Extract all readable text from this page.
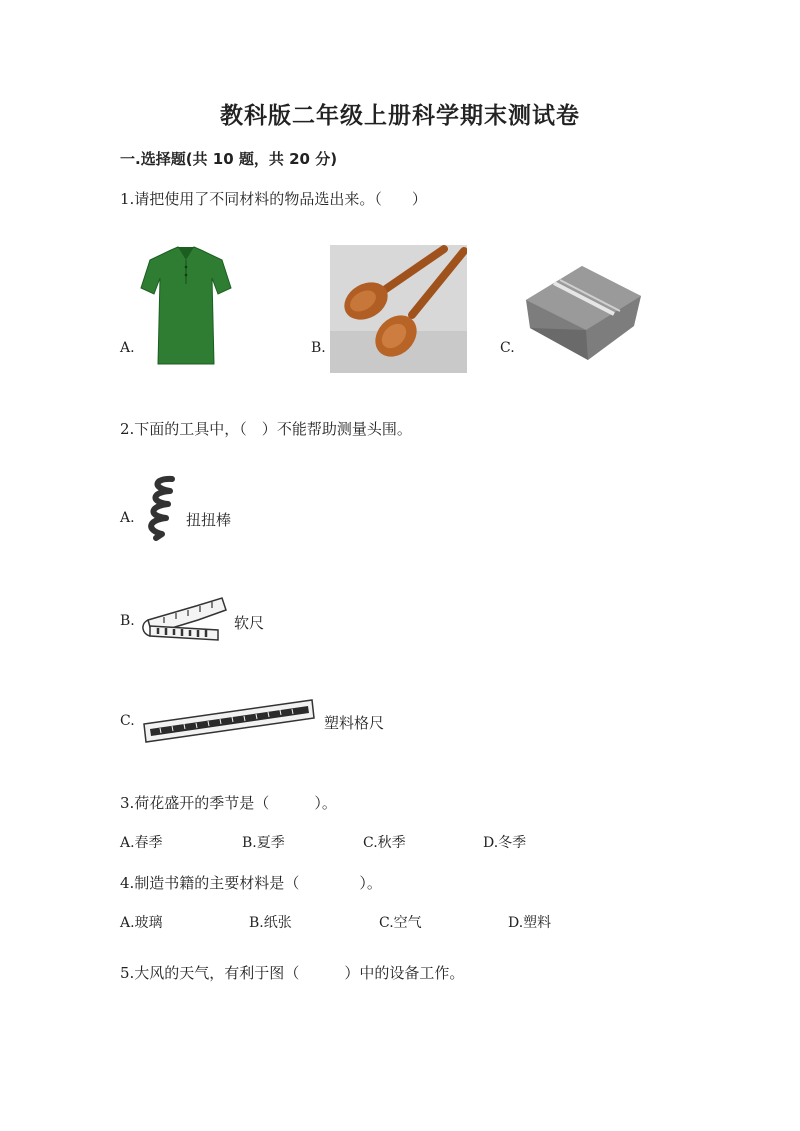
教科版二年级上册科学期末测试卷
一.选择题(共 10 题，共 20 分)
1.请把使用了不同材料的物品选出来。（　　）
A.	B.	C.
2.下面的工具中，（　）不能帮助测量头围。
A.	扭扭棒
B.	软尺
C.	塑料格尺
3.荷花盛开的季节是（　　　）。
A.春季	B.夏季	C.秋季	D.冬季
4.制造书籍的主要材料是（　　　　）。
A.玻璃	B.纸张	C.空气	D.塑料
5.大风的天气，有利于图（　　　）中的设备工作。
